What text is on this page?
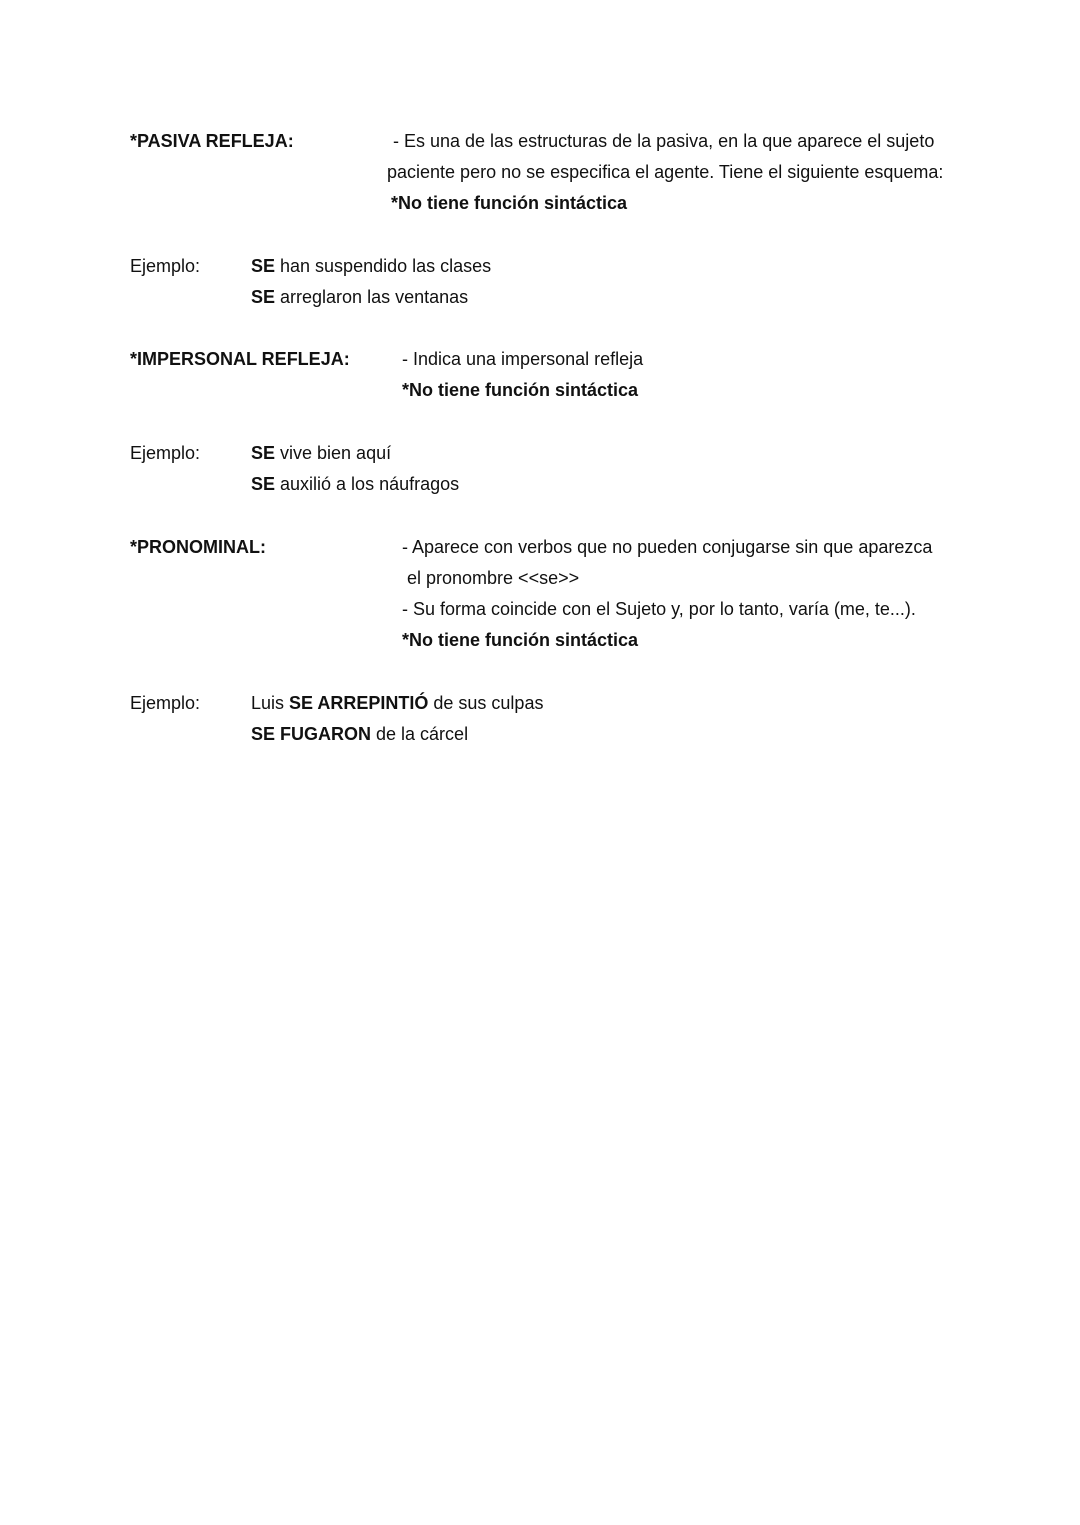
*PASIVA REFLEJA:	- Es una de las estructuras de la pasiva, en la que aparece el sujeto
paciente pero no se especifica el agente. Tiene el siguiente esquema:
*No tiene función sintáctica
Ejemplo:	SE han suspendido las clases
SE arreglaron las ventanas
*IMPERSONAL REFLEJA:	- Indica una impersonal refleja
*No tiene función sintáctica
Ejemplo:	SE vive bien aquí
SE auxilió a los náufragos
*PRONOMINAL:	- Aparece con verbos que no pueden conjugarse sin que aparezca
el pronombre <<se>>
- Su forma coincide con el Sujeto y, por lo tanto, varía (me, te...).
*No tiene función sintáctica
Ejemplo:	Luis SE ARREPINTIÓ de sus culpas
SE FUGARON de la cárcel
